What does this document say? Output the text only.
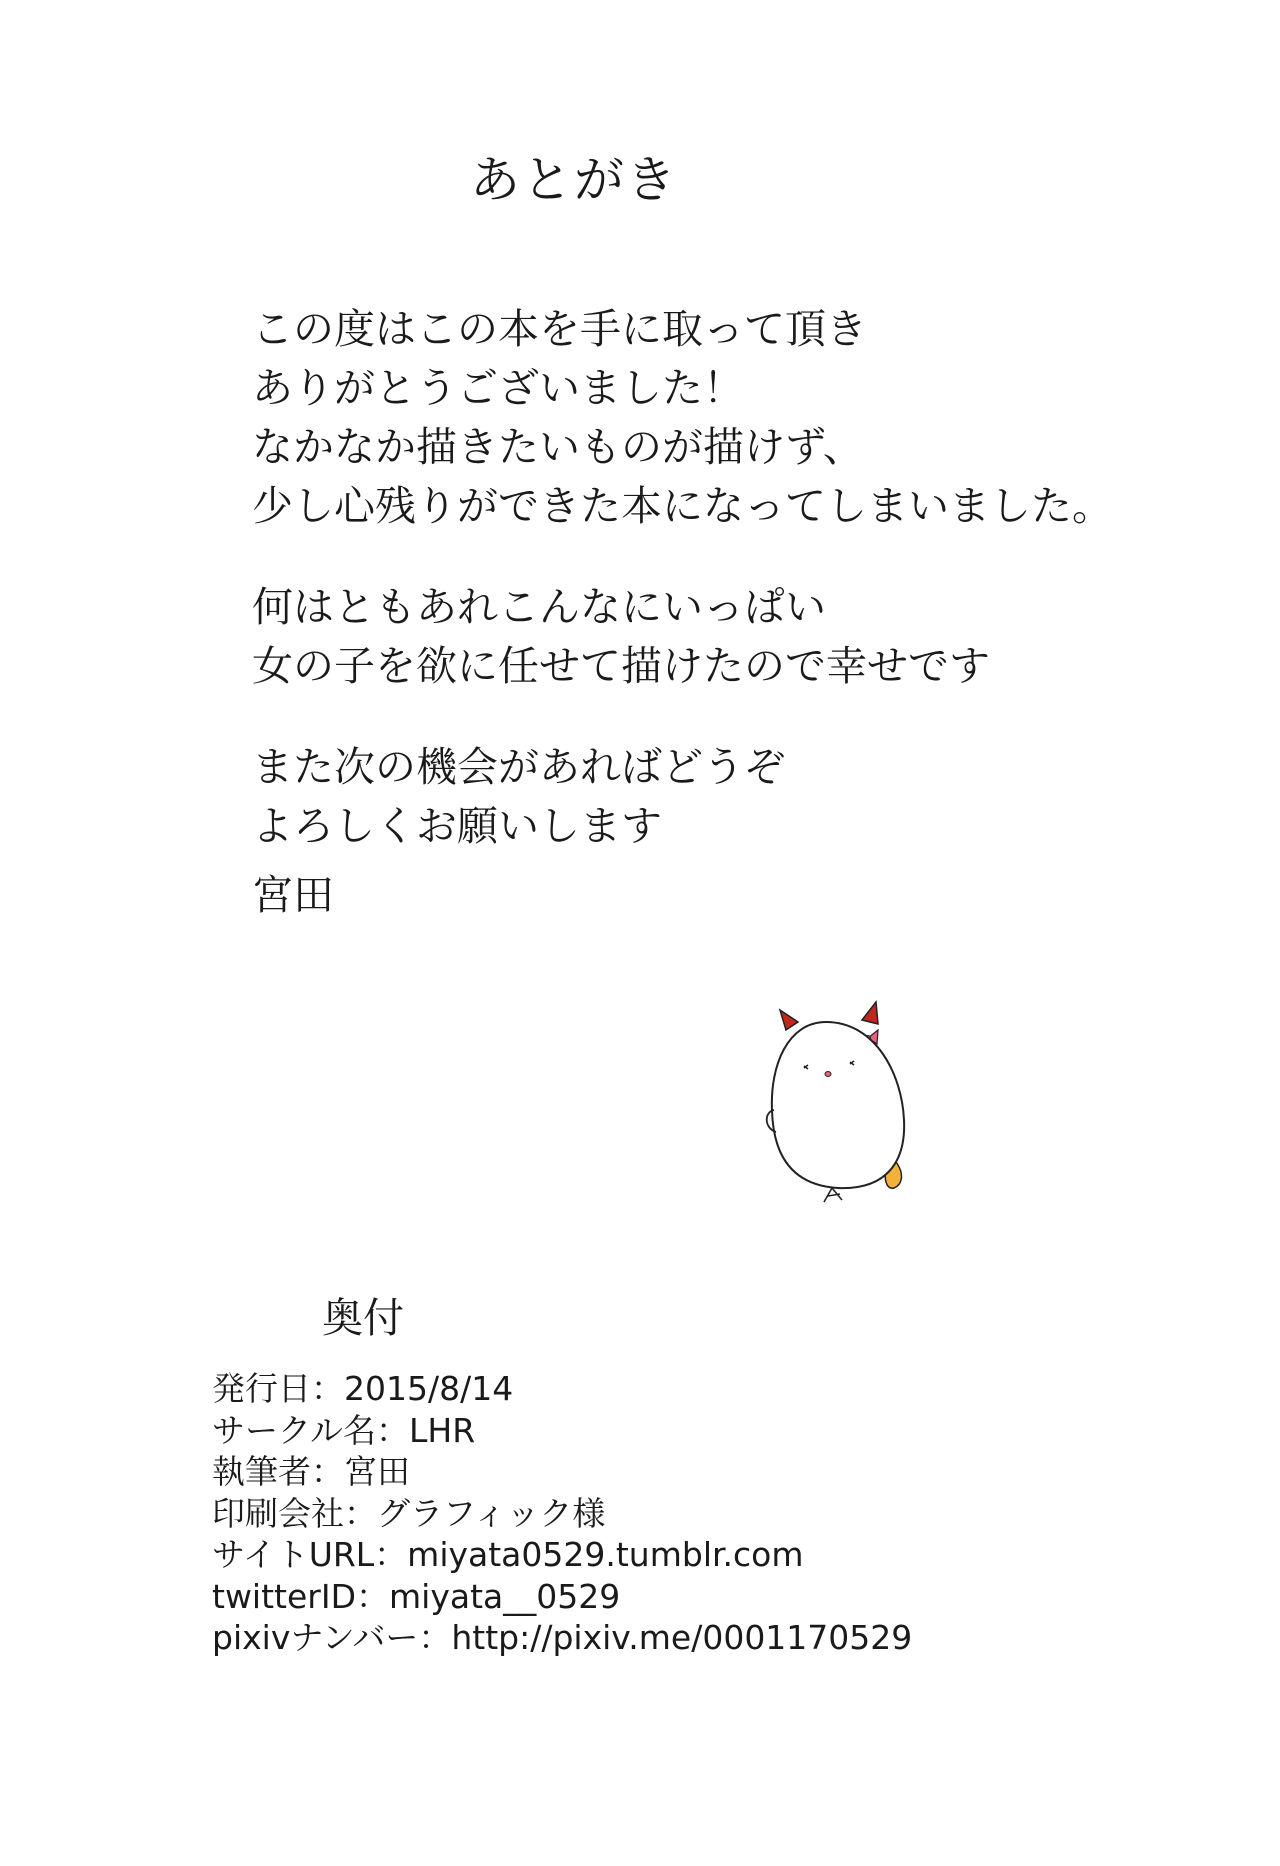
あとがき
この度はこの本を手に取って頂き
ありがとうございました！
なかなか描きたいものが描けず、
少し心残りができた本になってしまいました。
何はともあれこんなにいっぱい
女の子を欲に任せて描けたので幸せです
また次の機会があればどうぞ
よろしくお願いします
宮田
奥付
発行日：2015/8/14
サークル名：LHR
執筆者：宮田
印刷会社：グラフィック様
サイトURL：miyata0529.tumblr.com
twitterID：miyata__0529
pixivナンバー：http://pixiv.me/0001170529
